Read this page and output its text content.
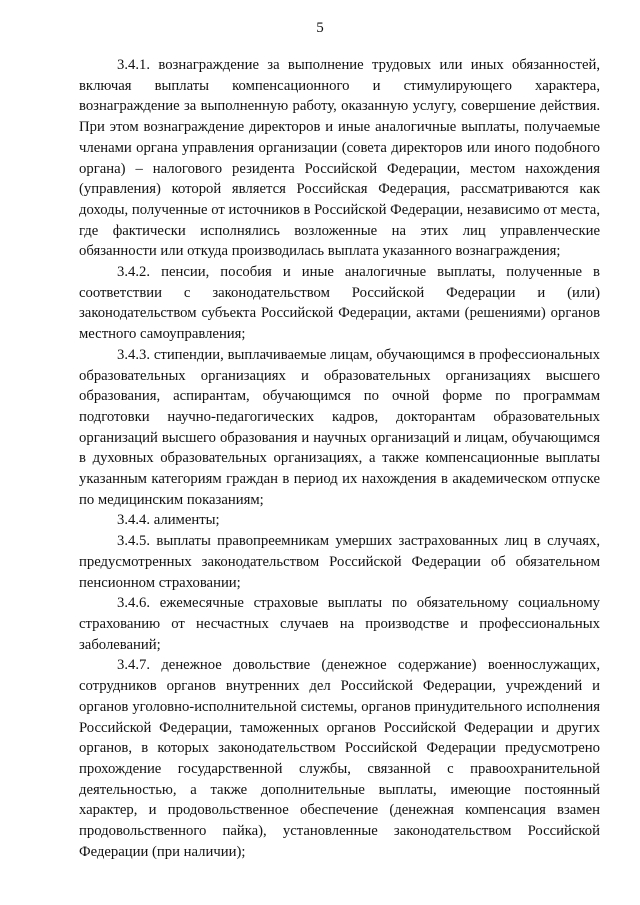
5

3.4.1. вознаграждение за выполнение трудовых или иных обязанностей, включая выплаты компенсационного и стимулирующего характера, вознаграждение за выполненную работу, оказанную услугу, совершение действия. При этом вознаграждение директоров и иные аналогичные выплаты, получаемые членами органа управления организации (совета директоров или иного подобного органа) – налогового резидента Российской Федерации, местом нахождения (управления) которой является Российская Федерация, рассматриваются как доходы, полученные от источников в Российской Федерации, независимо от места, где фактически исполнялись возложенные на этих лиц управленческие обязанности или откуда производилась выплата указанного вознаграждения;

3.4.2. пенсии, пособия и иные аналогичные выплаты, полученные в соответствии с законодательством Российской Федерации и (или) законодательством субъекта Российской Федерации, актами (решениями) органов местного самоуправления;

3.4.3. стипендии, выплачиваемые лицам, обучающимся в профессиональных образовательных организациях и образовательных организациях высшего образования, аспирантам, обучающимся по очной форме по программам подготовки научно-педагогических кадров, докторантам образовательных организаций высшего образования и научных организаций и лицам, обучающимся в духовных образовательных организациях, а также компенсационные выплаты указанным категориям граждан в период их нахождения в академическом отпуске по медицинским показаниям;

3.4.4. алименты;

3.4.5. выплаты правопреемникам умерших застрахованных лиц в случаях, предусмотренных законодательством Российской Федерации об обязательном пенсионном страховании;

3.4.6. ежемесячные страховые выплаты по обязательному социальному страхованию от несчастных случаев на производстве и профессиональных заболеваний;

3.4.7. денежное довольствие (денежное содержание) военнослужащих, сотрудников органов внутренних дел Российской Федерации, учреждений и органов уголовно-исполнительной системы, органов принудительного исполнения Российской Федерации, таможенных органов Российской Федерации и других органов, в которых законодательством Российской Федерации предусмотрено прохождение государственной службы, связанной с правоохранительной деятельностью, а также дополнительные выплаты, имеющие постоянный характер, и продовольственное обеспечение (денежная компенсация взамен продовольственного пайка), установленные законодательством Российской Федерации (при наличии);
